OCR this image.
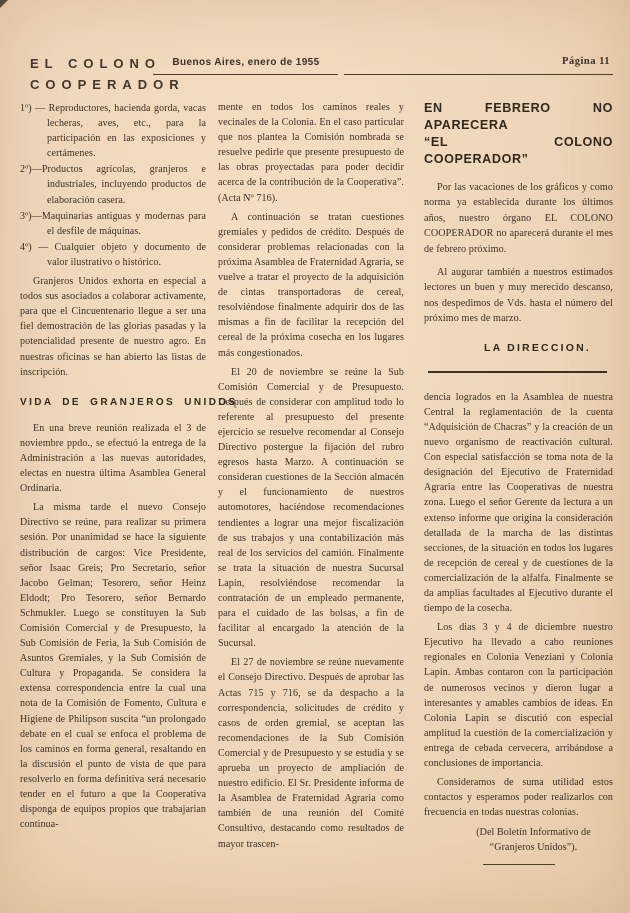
EL COLONO
COOPERADOR
Buenos Aires, enero de 1955	Página 11

1º) — Reproductores, hacienda gorda, vacas lecheras, aves, etc., para la participación en las exposiciones y certámenes.

2º)—Productos agrícolas, granjeros e industriales, incluyendo productos de elaboración casera.

3º)—Maquinarias antiguas y modernas para el desfile de máquinas.

4º) — Cualquier objeto y documento de valor ilustrativo o histórico.

Granjeros Unidos exhorta en especial a todos sus asociados a colaborar activamente, para que el Cincuentenario llegue a ser una fiel demostración de las glorias pasadas y la potencialidad presente de nuestro agro. En nuestras oficinas se han abierto las listas de inscripción.

VIDA DE GRANJEROS UNIDOS

En una breve reunión realizada el 3 de noviembre ppdo., se efectuó la entrega de la Administración a las nuevas autoridades, electas en nuestra última Asamblea General Ordinaria.

La misma tarde el nuevo Consejo Directivo se reúne, para realizar su primera sesión. Por unanimidad se hace la siguiente distribución de cargos: Vice Presidente, señor Isaac Greis; Pro Secretario, señor Jacobo Gelman; Tesorero, señor Heinz Eldodt; Pro Tesorero, señor Bernardo Schmukler. Luego se constituyen la Sub Comisión Comercial y de Presupuesto, la Sub Comisión de Feria, la Sub Comisión de Asuntos Gremiales, y la Sub Comisión de Cultura y Propaganda. Se considera la extensa correspondencia entre la cual una nota de la Comisión de Fomento, Cultura e Higiene de Philipson suscita “un prolongado debate en el cual se enfoca el problema de los caminos en forma general, resaltando en la discusión el punto de vista de que para resolverlo en forma definitiva será necesario tender en el futuro a que la Cooperativa disponga de equipos propios que trabajarian continua-

mente en todos los caminos reales y vecinales de la Colonia. En el caso particular que nos plantea la Comisión nombrada se resuelve pedirle que presente presupuesto de las obras proyectadas para poder decidir acerca de la contribución de la Cooperativa”. (Acta Nº 716).

A continuación se tratan cuestiones gremiales y pedidos de crédito. Después de considerar problemas relacionadas con la próxima Asamblea de Fraternidad Agraria, se vuelve a tratar el proyecto de la adquisición de cintas transportadoras de cereal, resolviéndose finalmente adquirir dos de las mismas a fin de facilitar la recepción del cereal de la próxima cosecha en los lugares más congestionados.

El 20 de noviembre se reúne la Sub Comisión Comercial y de Presupuesto. Después de considerar con amplitud todo lo referente al presupuesto del presente ejercicio se resuelve recomendar al Consejo Directivo postergue la fijación del rubro egresos hasta Marzo. A continuación se consideran cuestiones de la Sección almacén y el funcionamiento de nuestros automotores, haciéndose recomendaciones tendientes a lograr una mejor fiscalización de sus trabajos y una contabilización más real de los servicios del camión. Finalmente se trata la situación de nuestra Sucursal Lapin, resolviéndose recomendar la contratación de un empleado permanente, para el cuidado de las bolsas, a fin de facilitar al encargado la atención de la Sucursal.

El 27 de noviembre se reúne nuevamente el Consejo Directivo. Después de aprobar las Actas 715 y 716, se da despacho a la correspondencia, solicitudes de crédito y casos de orden gremial, se aceptan las recomendaciones de la Sub Comisión Comercial y de Presupuesto y se estudia y se aprueba un proyecto de ampliación de nuestro edificio. El Sr. Presidente informa de la Asamblea de Fraternidad Agraria como también de una reunión del Comité Consultivo, destacando como resultados de mayor trascen-

EN FEBRERO NO APARECERA
“EL COLONO COOPERADOR”

Por las vacaciones de los gráficos y como norma ya establecida durante los últimos años, nuestro órgano EL COLONO COOPERADOR no aparecerá durante el mes de febrero próximo.

Al augurar también a nuestros estimados lectores un buen y muy merecido descanso, nos despedimos de Vds. hasta el número del próximo mes de marzo.

LA DIRECCION.

dencia logrados en la Asamblea de nuestra Central la reglamentación de la cuenta “Adquisición de Chacras” y la creación de un nuevo organismo de reactivación cultural. Con especial satisfacción se toma nota de la designación del Ejecutivo de Fraternidad Agraria entre las Cooperativas de nuestra zona. Luego el señor Gerente da lectura a un extenso informe que origina la consideración detallada de la marcha de las distintas secciones, de la situación en todos los lugares de recepción de cereal y de cuestiones de la comercialización de la alfalfa. Finalmente se da amplias facultades al Ejecutivo durante el tiempo de la cosecha.

Los dias 3 y 4 de diciembre nuestro Ejecutivo ha llevado a cabo reuniones regionales en Colonia Veneziani y Colonia Lapin. Ambas contaron con la participación de numerosos vecinos y dieron lugar a interesantes y amables cambios de ideas. En Colonia Lapin se discutió con especial amplitud la cuestión de la comercialización y entrega de cebada cervecera, arribándose a conclusiones de importancia.

Consideramos de suma utilidad estos contactos y esperamos poder realizarlos con frecuencia en todas nuestras colonias.

(Del Boletín Informativo de “Granjeros Unidos”).
